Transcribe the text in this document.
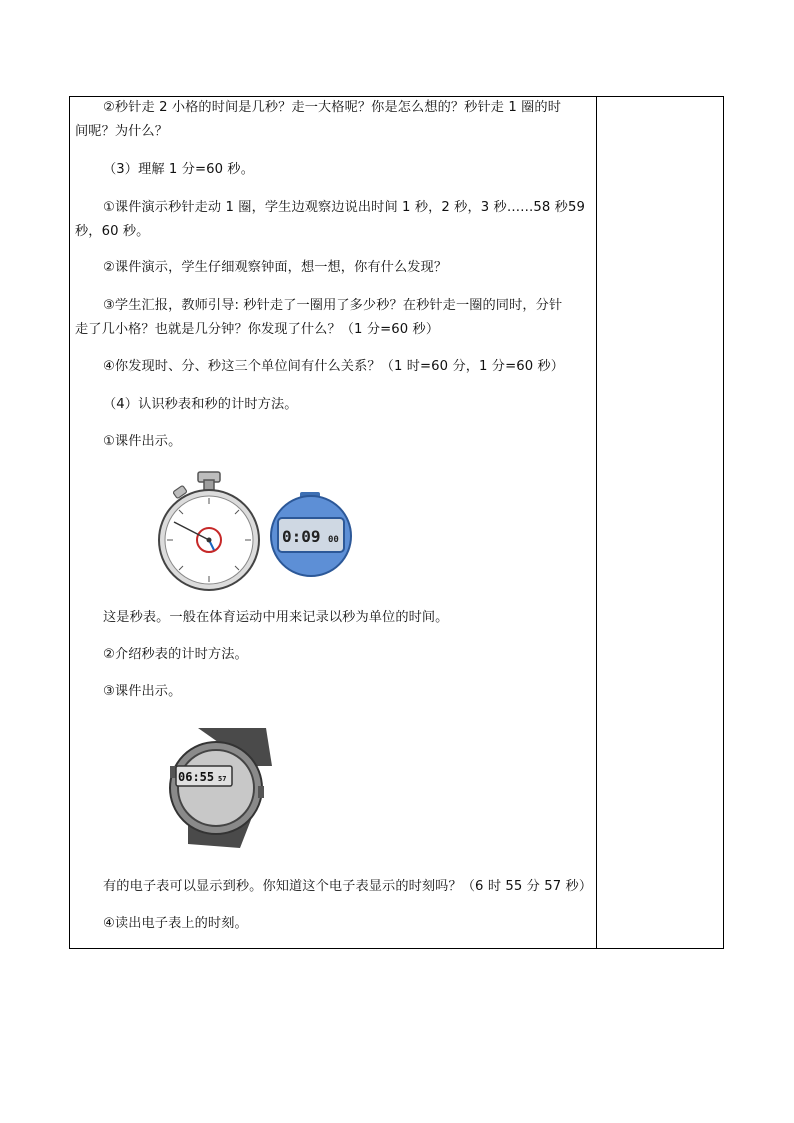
②秒针走 2 小格的时间是几秒？走一大格呢？你是怎么想的？秒针走 1 圈的时
间呢？为什么？
（3）理解 1 分=60 秒。
①课件演示秒针走动 1 圈，学生边观察边说出时间 1 秒，2 秒，3 秒……58 秒59
秒，60 秒。
②课件演示，学生仔细观察钟面，想一想，你有什么发现？
③学生汇报，教师引导: 秒针走了一圈用了多少秒？在秒针走一圈的同时，分针
走了几小格？也就是几分钟？你发现了什么？（1 分=60 秒）
④你发现时、分、秒这三个单位间有什么关系？（1 时=60 分，1 分=60 秒）
（4）认识秒表和秒的计时方法。
①课件出示。
这是秒表。一般在体育运动中用来记录以秒为单位的时间。
②介绍秒表的计时方法。
③课件出示。
有的电子表可以显示到秒。你知道这个电子表显示的时刻吗？（6 时 55 分 57 秒）
④读出电子表上的时刻。
0:09 00
06:55 57
